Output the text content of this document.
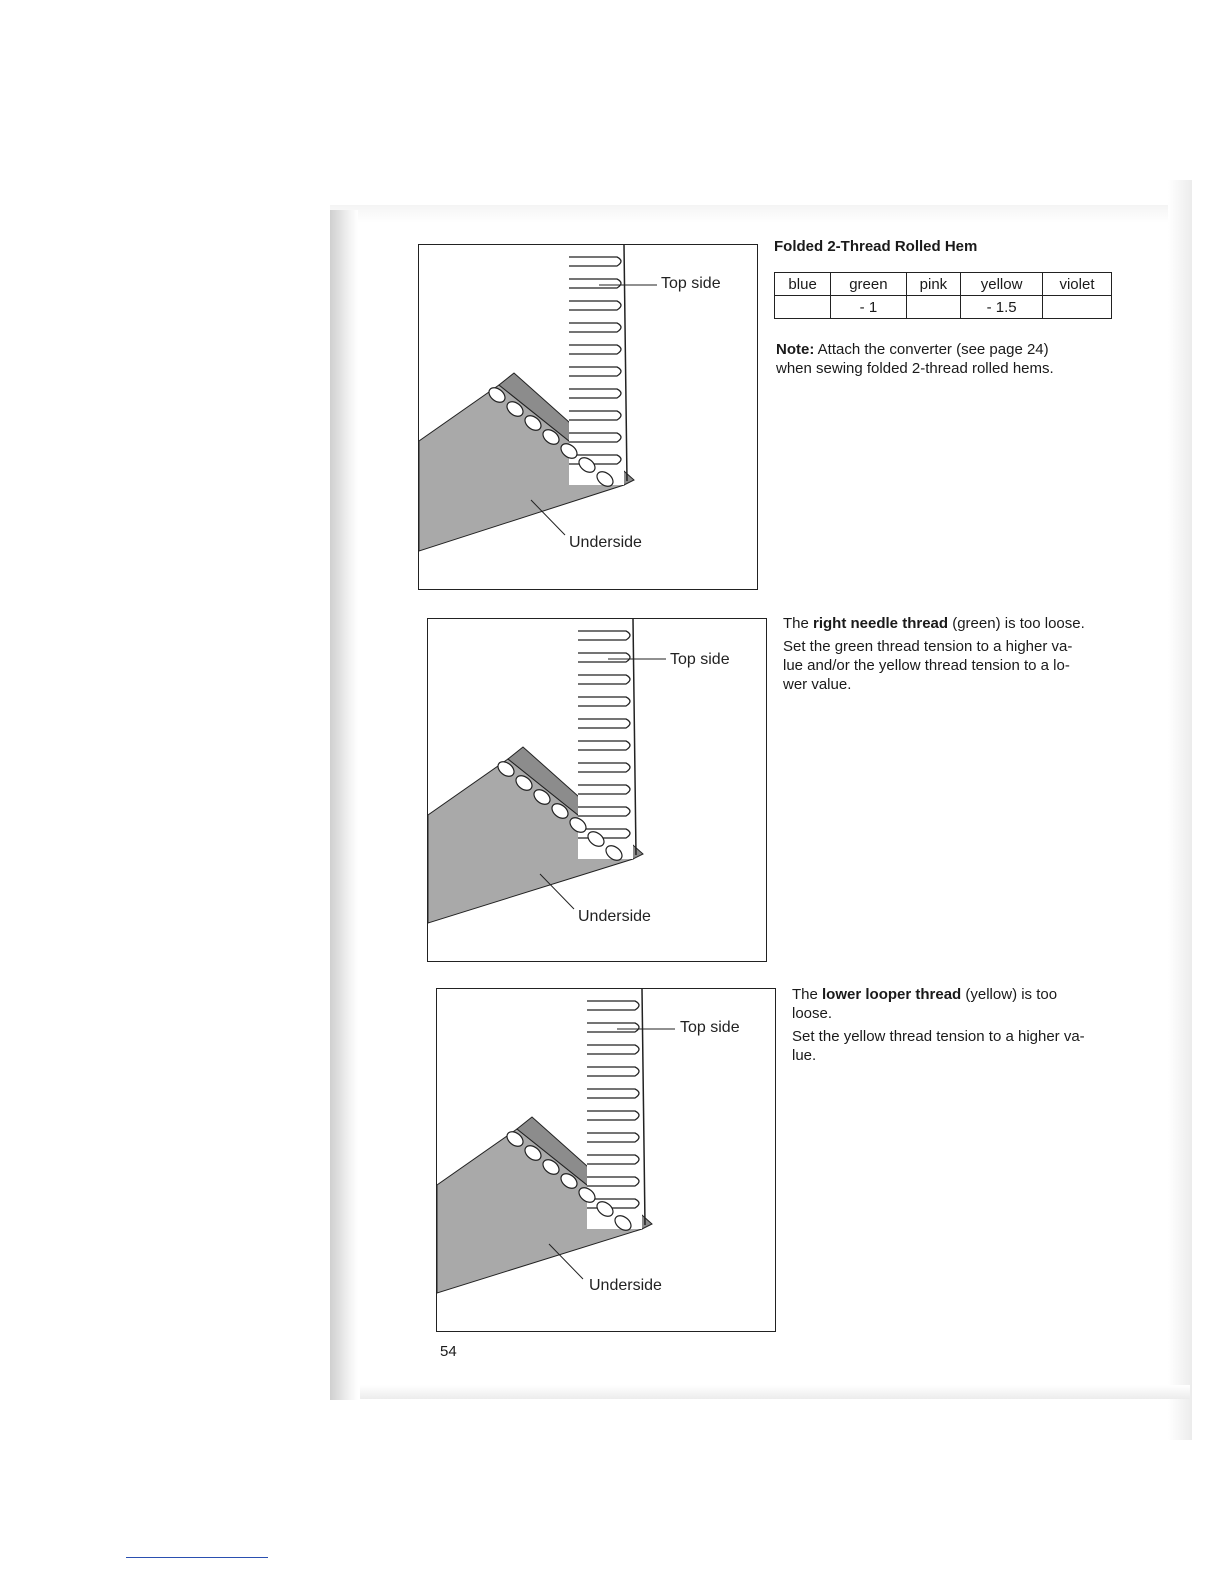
Top side
Underside
Top side
Underside
Top side
Underside
Folded 2-Thread Rolled Hem
blue	green	pink	yellow	violet
	- 1		- 1.5	

Note: Attach the converter (see page 24)
when sewing folded 2-thread rolled hems.

The right needle thread (green) is too loose.
Set the green thread tension to a higher va-
lue and/or the yellow thread tension to a lo-
wer value.
The lower looper thread (yellow) is too
loose.
Set the yellow thread tension to a higher va-
lue.
54
